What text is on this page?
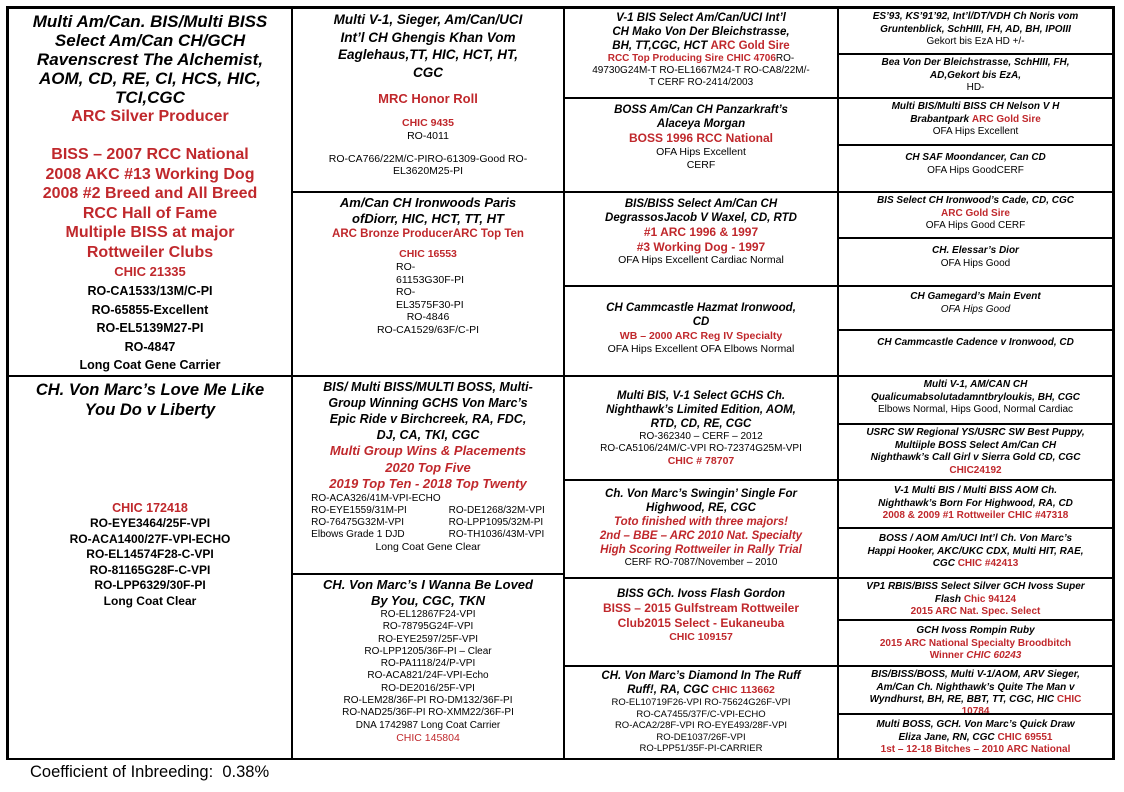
Multi Am/Can. BIS/Multi BISS
Select Am/Can CH/GCH
Ravenscrest The Alchemist,
AOM, CD, RE, CI, HCS, HIC,
TCI,CGC
ARC Silver Producer
BISS – 2007 RCC National
2008 AKC #13 Working Dog
2008 #2 Breed and All Breed
RCC Hall of Fame
Multiple BISS at major
Rottweiler Clubs
CHIC 21335
RO-CA1533/13M/C-PI
RO-65855-Excellent
RO-EL5139M27-PI
RO-4847
Long Coat Gene Carrier
CH. Von Marc’s Love Me Like
You Do v Liberty
CHIC 172418
RO-EYE3464/25F-VPI
RO-ACA1400/27F-VPI-ECHO
RO-EL14574F28-C-VPI
RO-81165G28F-C-VPI
RO-LPP6329/30F-PI
Long Coat Clear
Multi V-1, Sieger, Am/Can/UCI
Int’l CH Ghengis Khan Vom
Eaglehaus,TT, HIC, HCT, HT,
CGC
MRC Honor Roll
CHIC 9435
RO-4011
RO-CA766/22M/C-PIRO-61309-Good RO-
EL3620M25-PI
Am/Can CH Ironwoods Paris
ofDiorr, HIC, HCT, TT, HT
ARC Bronze ProducerARC Top Ten
CHIC 16553
RO-
61153G30F-PI
RO-
EL3575F30-PI
RO-4846
RO-CA1529/63F/C-PI
BIS/ Multi BISS/MULTI BOSS, Multi-
Group Winning GCHS Von Marc’s
Epic Ride v Birchcreek, RA, FDC,
DJ, CA, TKI, CGC
Multi Group Wins & Placements
2020 Top Five
2019 Top Ten - 2018 Top Twenty
RO-ACA326/41M-VPI-ECHO	
RO-EYE1559/31M-PI	RO-DE1268/32M-VPI
RO-76475G32M-VPI	RO-LPP1095/32M-PI
Elbows Grade 1 DJD	RO-TH1036/43M-VPI
Long Coat Gene Clear
CH. Von Marc’s I Wanna Be Loved
By You, CGC, TKN
RO-EL12867F24-VPI
RO-78795G24F-VPI
RO-EYE2597/25F-VPI
RO-LPP1205/36F-PI – Clear
RO-PA1118/24/P-VPI
RO-ACA821/24F-VPI-Echo
RO-DE2016/25F-VPI
RO-LEM28/36F-PI RO-DM132/36F-PI
RO-NAD25/36F-PI RO-XMM22/36F-PI
DNA 1742987 Long Coat Carrier
CHIC 145804
V-1 BIS Select Am/Can/UCI Int’l
CH Mako Von Der Bleichstrasse,
BH, TT,CGC, HCT ARC Gold Sire
RCC Top Producing Sire CHIC 4706RO-
49730G24M-T RO-EL1667M24-T RO-CA8/22M/-
T CERF RO-2414/2003
BOSS Am/Can CH Panzarkraft’s
Alaceya Morgan
BOSS 1996 RCC National
OFA Hips Excellent
CERF
BIS/BISS Select Am/Can CH
DegrassosJacob V Waxel, CD, RTD
#1 ARC 1996 & 1997
#3 Working Dog - 1997
OFA Hips Excellent Cardiac Normal
CH Cammcastle Hazmat Ironwood,
CD
WB – 2000 ARC Reg IV Specialty
OFA Hips Excellent OFA Elbows Normal
Multi BIS, V-1 Select GCHS Ch.
Nighthawk’s Limited Edition, AOM,
RTD, CD, RE, CGC
RO-362340 – CERF – 2012
RO-CA5106/24M/C-VPI RO-72374G25M-VPI
CHIC # 78707
Ch. Von Marc’s Swingin’ Single For
Highwood, RE, CGC
Toto finished with three majors!
2nd – BBE – ARC 2010 Nat. Specialty
High Scoring Rottweiler in Rally Trial
CERF RO-7087/November – 2010
BISS GCh. Ivoss Flash Gordon
BISS – 2015 Gulfstream Rottweiler
Club2015 Select - Eukaneuba
CHIC 109157
CH. Von Marc’s Diamond In The Ruff
Ruff!, RA, CGC CHIC 113662
RO-EL10719F26-VPI RO-75624G26F-VPI
RO-CA7455/37F/C-VPI-ECHO
RO-ACA2/28F-VPI RO-EYE493/28F-VPI
RO-DE1037/26F-VPI
RO-LPP51/35F-PI-CARRIER
ES’93, KS’91’92, Int’l/DT/VDH Ch Noris vom
Gruntenblick, SchHIII, FH, AD, BH, IPOIII
Gekort bis EzA HD +/-
Bea Von Der Bleichstrasse, SchHIII, FH,
AD,Gekort bis EzA,
HD-
Multi BIS/Multi BISS CH Nelson V H
Brabantpark ARC Gold Sire
OFA Hips Excellent
CH SAF Moondancer, Can CD
OFA Hips GoodCERF
BIS Select CH Ironwood’s Cade, CD, CGC
ARC Gold Sire
OFA Hips Good CERF
CH. Elessar’s Dior
OFA Hips Good
CH Gamegard’s Main Event
OFA Hips Good
CH Cammcastle Cadence v Ironwood, CD
Multi V-1, AM/CAN CH
Qualicumabsolutadamntbryloukis, BH, CGC
Elbows Normal, Hips Good, Normal Cardiac
USRC SW Regional YS/USRC SW Best Puppy,
Multiiple BOSS Select Am/Can CH
Nighthawk’s Call Girl v Sierra Gold CD, CGC
CHIC24192
V-1 Multi BIS / Multi BISS AOM Ch.
Nighthawk’s Born For Highwood, RA, CD
2008 & 2009 #1 Rottweiler CHIC #47318
BOSS / AOM Am/UCI Int’l Ch. Von Marc’s
Happi Hooker, AKC/UKC CDX, Multi HIT, RAE,
CGC CHIC #42413
VP1 RBIS/BISS Select Silver GCH Ivoss Super
Flash Chic 94124
2015 ARC Nat. Spec. Select
GCH Ivoss Rompin Ruby
2015 ARC National Specialty Broodbitch
Winner CHIC 60243
BIS/BISS/BOSS, Multi V-1/AOM, ARV Sieger,
Am/Can Ch. Nighthawk’s Quite The Man v
Wyndhurst, BH, RE, BBT, TT, CGC, HIC CHIC
10784
Multi BOSS, GCH. Von Marc’s Quick Draw
Eliza Jane, RN, CGC CHIC 69551
1st – 12-18 Bitches – 2010 ARC National
Coefficient of Inbreeding: 0.38%
